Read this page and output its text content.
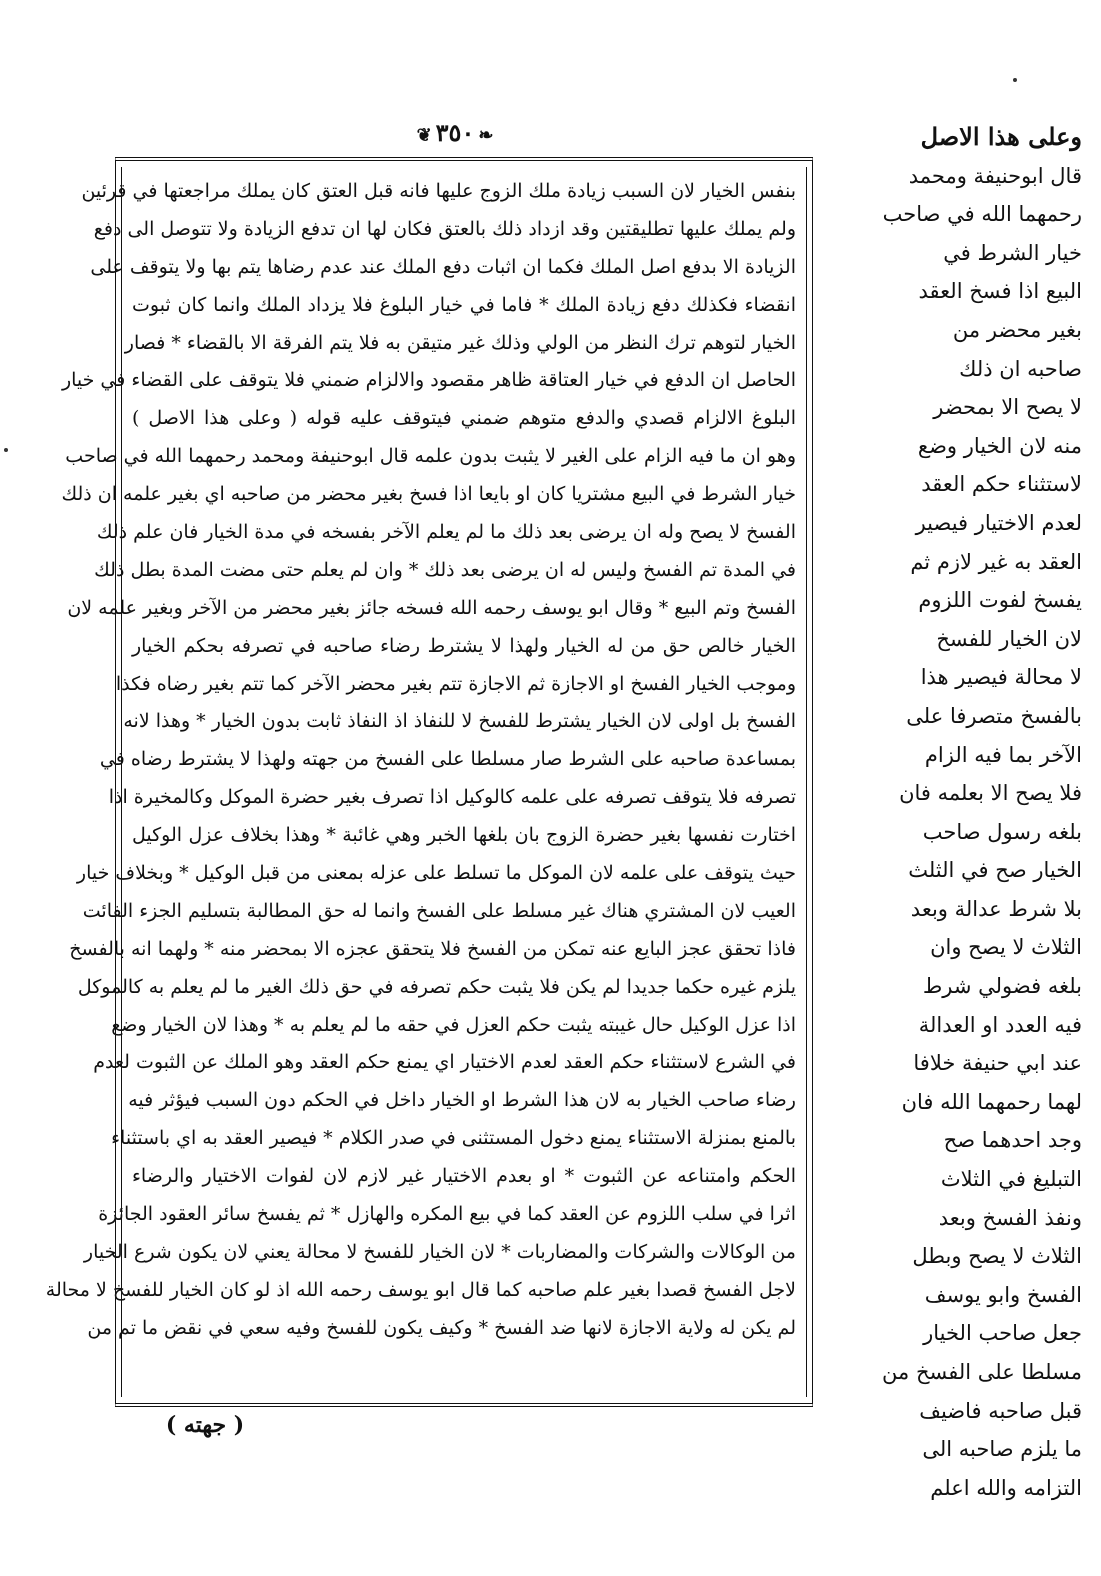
❦ ٣٥٠ ❧
بنفس الخيار لان السبب زيادة ملك الزوج عليها فانه قبل العتق كان يملك مراجعتها في قرئين
ولم يملك عليها تطليقتين وقد ازداد ذلك بالعتق فكان لها ان تدفع الزيادة ولا تتوصل الى دفع
الزيادة الا بدفع اصل الملك فكما ان اثبات دفع الملك عند عدم رضاها يتم بها ولا يتوقف على
انقضاء فكذلك دفع زيادة الملك * فاما في خيار البلوغ فلا يزداد الملك وانما كان ثبوت
الخيار لتوهم ترك النظر من الولي وذلك غير متيقن به فلا يتم الفرقة الا بالقضاء * فصار
الحاصل ان الدفع في خيار العتاقة ظاهر مقصود والالزام ضمني فلا يتوقف على القضاء في خيار
البلوغ الالزام قصدي والدفع متوهم ضمني فيتوقف عليه قوله ( وعلى هذا الاصل )
وهو ان ما فيه الزام على الغير لا يثبت بدون علمه قال ابوحنيفة ومحمد رحمهما الله في صاحب
خيار الشرط في البيع مشتريا كان او بايعا اذا فسخ بغير محضر من صاحبه اي بغير علمه ان ذلك
الفسخ لا يصح وله ان يرضى بعد ذلك ما لم يعلم الآخر بفسخه في مدة الخيار فان علم ذلك
في المدة تم الفسخ وليس له ان يرضى بعد ذلك * وان لم يعلم حتى مضت المدة بطل ذلك
الفسخ وتم البيع * وقال ابو يوسف رحمه الله فسخه جائز بغير محضر من الآخر وبغير علمه لان
الخيار خالص حق من له الخيار ولهذا لا يشترط رضاء صاحبه في تصرفه بحكم الخيار
وموجب الخيار الفسخ او الاجازة ثم الاجازة تتم بغير محضر الآخر كما تتم بغير رضاه فكذا
الفسخ بل اولى لان الخيار يشترط للفسخ لا للنفاذ اذ النفاذ ثابت بدون الخيار * وهذا لانه
بمساعدة صاحبه على الشرط صار مسلطا على الفسخ من جهته ولهذا لا يشترط رضاه في
تصرفه فلا يتوقف تصرفه على علمه كالوكيل اذا تصرف بغير حضرة الموكل وكالمخيرة اذا
اختارت نفسها بغير حضرة الزوج بان بلغها الخبر وهي غائبة * وهذا بخلاف عزل الوكيل
حيث يتوقف على علمه لان الموكل ما تسلط على عزله بمعنى من قبل الوكيل * وبخلاف خيار
العيب لان المشتري هناك غير مسلط على الفسخ وانما له حق المطالبة بتسليم الجزء الفائت
فاذا تحقق عجز البايع عنه تمكن من الفسخ فلا يتحقق عجزه الا بمحضر منه * ولهما انه بالفسخ
يلزم غيره حكما جديدا لم يكن فلا يثبت حكم تصرفه في حق ذلك الغير ما لم يعلم به كالموكل
اذا عزل الوكيل حال غيبته يثبت حكم العزل في حقه ما لم يعلم به * وهذا لان الخيار وضع
في الشرع لاستثناء حكم العقد لعدم الاختيار اي يمنع حكم العقد وهو الملك عن الثبوت لعدم
رضاء صاحب الخيار به لان هذا الشرط او الخيار داخل في الحكم دون السبب فيؤثر فيه
بالمنع بمنزلة الاستثناء يمنع دخول المستثنى في صدر الكلام * فيصير العقد به اي باستثناء
الحكم وامتناعه عن الثبوت * او بعدم الاختيار غير لازم لان لفوات الاختيار والرضاء
اثرا في سلب اللزوم عن العقد كما في بيع المكره والهازل * ثم يفسخ سائر العقود الجائزة
من الوكالات والشركات والمضاربات * لان الخيار للفسخ لا محالة يعني لان يكون شرع الخيار
لاجل الفسخ قصدا بغير علم صاحبه كما قال ابو يوسف رحمه الله اذ لو كان الخيار للفسخ لا محالة
لم يكن له ولاية الاجازة لانها ضد الفسخ * وكيف يكون للفسخ وفيه سعي في نقض ما تم من
وعلى هذا الاصل
قال ابوحنيفة ومحمد
رحمهما الله في صاحب
خيار الشرط في
البيع اذا فسخ العقد
بغير محضر من
صاحبه ان ذلك
لا يصح الا بمحضر
منه لان الخيار وضع
لاستثناء حكم العقد
لعدم الاختيار فيصير
العقد به غير لازم ثم
يفسخ لفوت اللزوم
لان الخيار للفسخ
لا محالة فيصير هذا
بالفسخ متصرفا على
الآخر بما فيه الزام
فلا يصح الا بعلمه فان
بلغه رسول صاحب
الخيار صح في الثلث
بلا شرط عدالة وبعد
الثلاث لا يصح وان
بلغه فضولي شرط
فيه العدد او العدالة
عند ابي حنيفة خلافا
لهما رحمهما الله فان
وجد احدهما صح
التبليغ في الثلاث
ونفذ الفسخ وبعد
الثلاث لا يصح وبطل
الفسخ وابو يوسف
جعل صاحب الخيار
مسلطا على الفسخ من
قبل صاحبه فاضيف
ما يلزم صاحبه الى
التزامه والله اعلم
( جهته )
